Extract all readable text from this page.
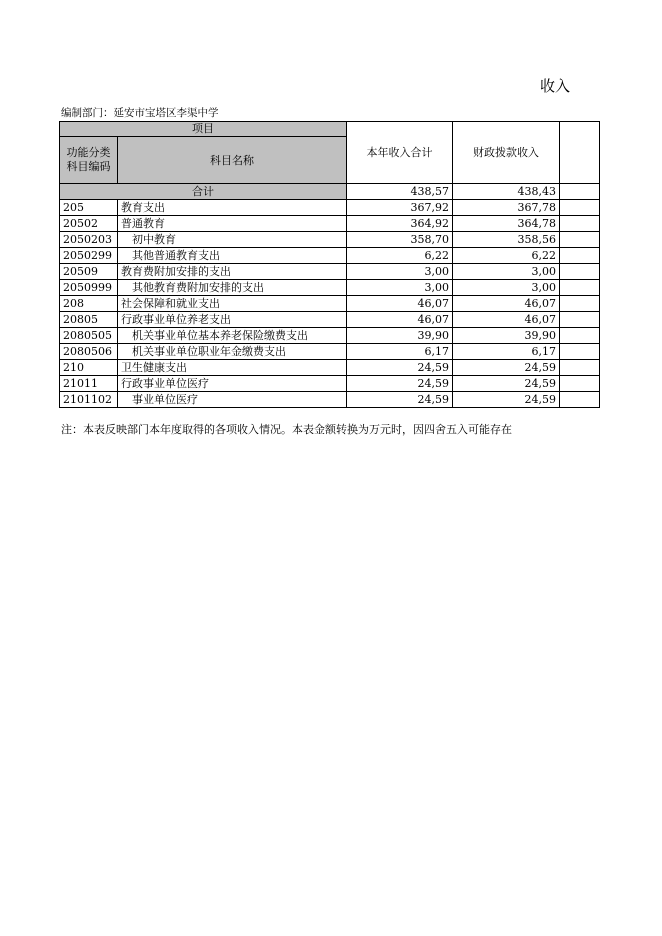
收入
编制部门：延安市宝塔区李渠中学
项目		本年收入合计	财政拨款收入	
功能分类
科目编码	科目名称			

合计		438,57	438,43	
205	教育支出	367,92	367,78	
20502	普通教育	364,92	364,78	
2050203	初中教育	358,70	358,56	
2050299	其他普通教育支出	6,22	6,22	
20509	教育费附加安排的支出	3,00	3,00	
2050999	其他教育费附加安排的支出	3,00	3,00	
208	社会保障和就业支出	46,07	46,07	
20805	行政事业单位养老支出	46,07	46,07	
2080505	机关事业单位基本养老保险缴费支出	39,90	39,90	
2080506	机关事业单位职业年金缴费支出	6,17	6,17	
210	卫生健康支出	24,59	24,59	
21011	行政事业单位医疗	24,59	24,59	
2101102	事业单位医疗	24,59	24,59	
注：本表反映部门本年度取得的各项收入情况。本表金额转换为万元时，因四舍五入可能存在
